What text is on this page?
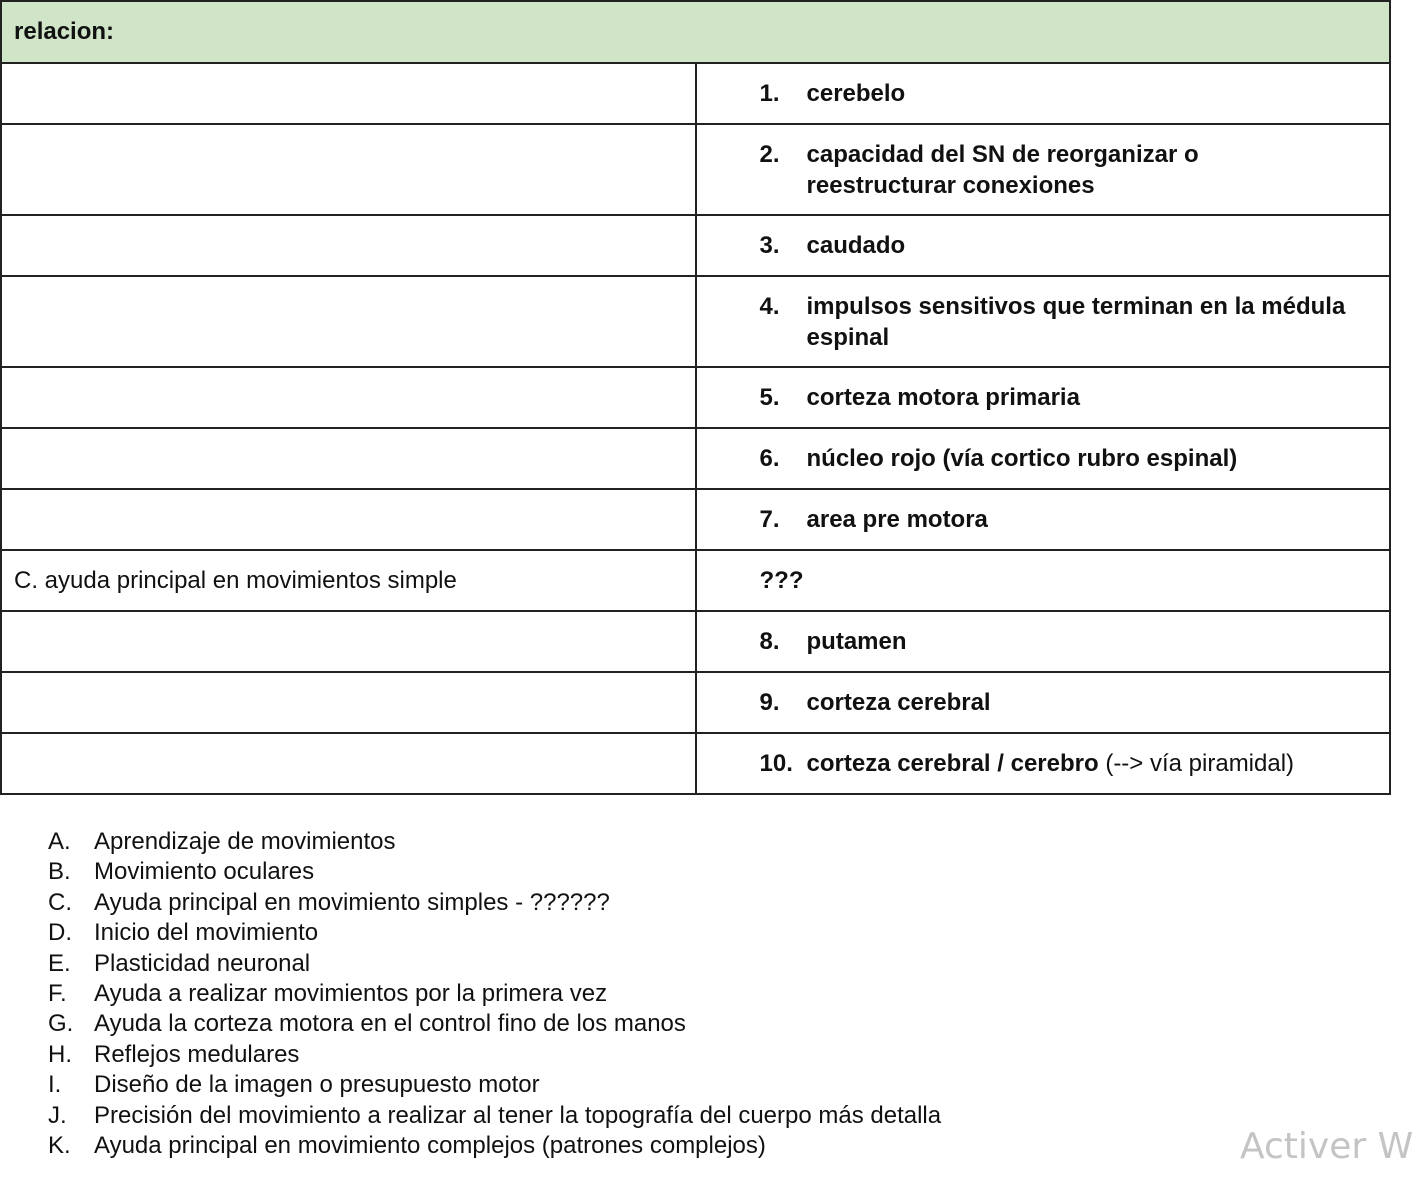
relacion:	

	1. cerebelo

	2. capacidad del SN de reorganizar o reestructurar conexiones

	3. caudado

	4. impulsos sensitivos que terminan en la médula espinal

	5. corteza motora primaria

	6. núcleo rojo (vía cortico rubro espinal)

	7. area pre motora

C. ayuda principal en movimientos simple	???

	8. putamen

	9. corteza cerebral

	10. corteza cerebral / cerebro (--> vía piramidal)
A. Aprendizaje de movimientos
B. Movimiento oculares
C. Ayuda principal en movimiento simples - ??????
D. Inicio del movimiento
E. Plasticidad neuronal
F.	Ayuda a realizar movimientos por la primera vez
G. Ayuda la corteza motora en el control fino de los manos
H. Reflejos medulares
I.	Diseño de la imagen o presupuesto motor
J.	Precisión del movimiento a realizar al tener la topografía del cuerpo más detalla
K. Ayuda principal en movimiento complejos (patrones complejos)	Activer W
